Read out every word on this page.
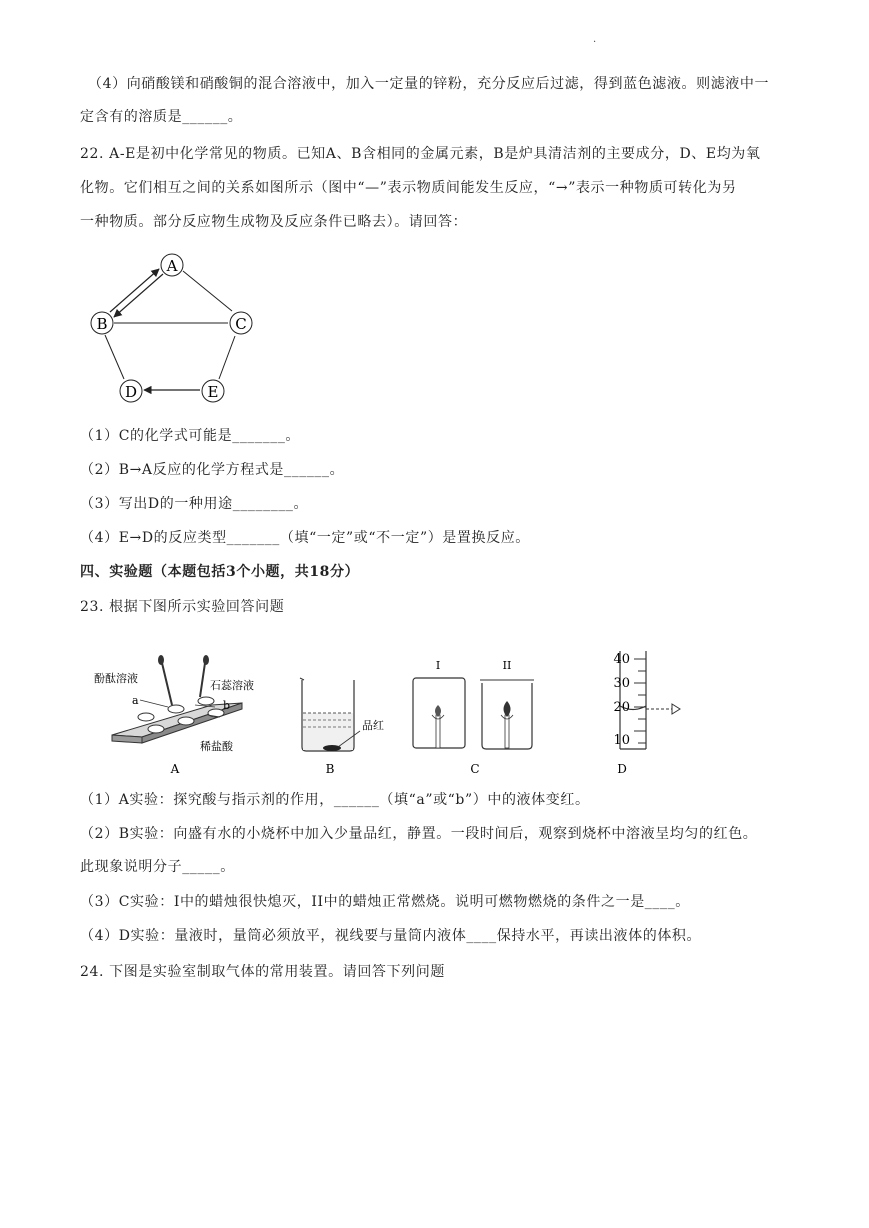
.
（4）向硝酸镁和硝酸铜的混合溶液中，加入一定量的锌粉，充分反应后过滤，得到蓝色滤液。则滤液中一
定含有的溶质是______。
22. A-E是初中化学常见的物质。已知A、B含相同的金属元素，B是炉具清洁剂的主要成分，D、E均为氧
化物。它们相互之间的关系如图所示（图中“—”表示物质间能发生反应，“→”表示一种物质可转化为另
一种物质。部分反应物生成物及反应条件已略去）。请回答：
A
B	C
D	E
（1）C的化学式可能是_______。
（2）B→A反应的化学方程式是______。
（3）写出D的一种用途________。
（4）E→D的反应类型_______（填“一定”或“不一定”）是置换反应。
四、实验题（本题包括3个小题，共18分）
23. 根据下图所示实验回答问题
酚酞溶液
石蕊溶液
a	b
稀盐酸
A
品红
B
I	II
C
40
30
20
10
D
（1）A实验：探究酸与指示剂的作用，______（填“a”或“b”）中的液体变红。
（2）B实验：向盛有水的小烧杯中加入少量品红，静置。一段时间后，观察到烧杯中溶液呈均匀的红色。
此现象说明分子_____。
（3）C实验：I中的蜡烛很快熄灭，II中的蜡烛正常燃烧。说明可燃物燃烧的条件之一是____。
（4）D实验：量液时，量筒必须放平，视线要与量筒内液体____保持水平，再读出液体的体积。
24. 下图是实验室制取气体的常用装置。请回答下列问题
